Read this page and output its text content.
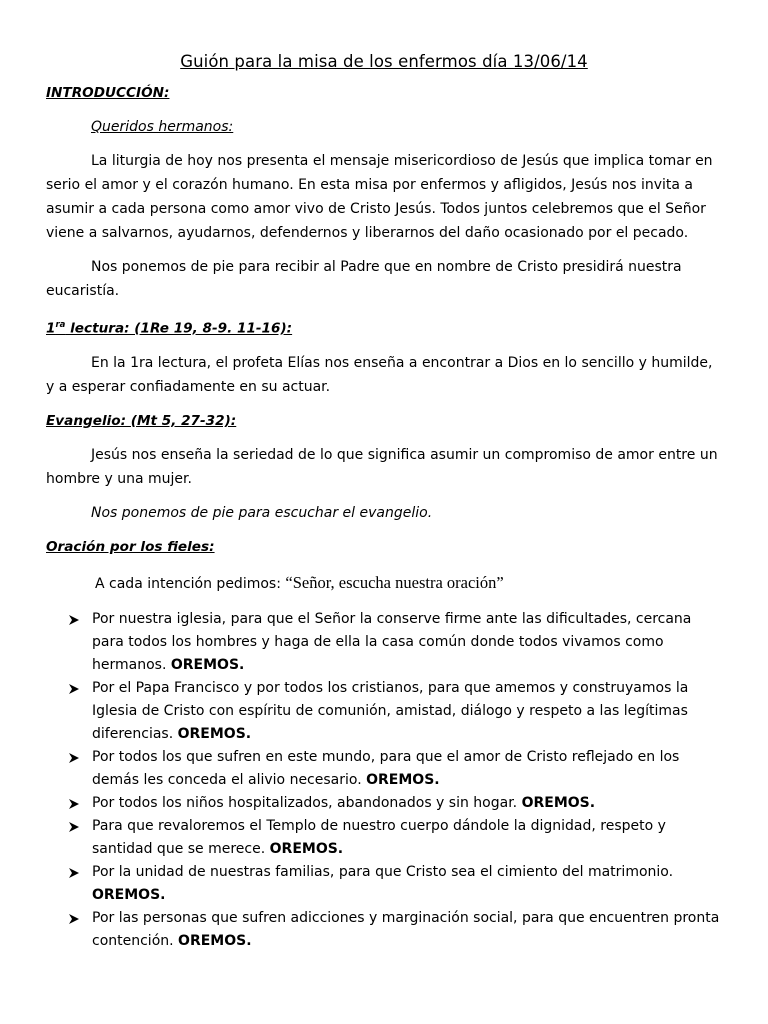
Guión para la misa de los enfermos día 13/06/14

INTRODUCCIÓN:

Queridos hermanos:

La liturgia de hoy nos presenta el mensaje misericordioso de Jesús que implica tomar en serio el amor y el corazón humano. En esta misa por enfermos y afligidos, Jesús nos invita a asumir a cada persona como amor vivo de Cristo Jesús. Todos juntos celebremos que el Señor viene a salvarnos, ayudarnos, defendernos y liberarnos del daño ocasionado por el pecado.

Nos ponemos de pie para recibir al Padre que en nombre de Cristo presidirá nuestra eucaristía.

$1^{ra}$ lectura: (1Re 19, 8-9. 11-16):

En la 1ra lectura, el profeta Elías nos enseña a encontrar a Dios en lo sencillo y humilde, y a esperar confiadamente en su actuar.

Evangelio: (Mt 5, 27-32):

Jesús nos enseña la seriedad de lo que significa asumir un compromiso de amor entre un hombre y una mujer.

Nos ponemos de pie para escuchar el evangelio.

Oración por los fieles:

A cada intención pedimos: “Señor, escucha nuestra oración”

Por nuestra iglesia, para que el Señor la conserve firme ante las dificultades, cercana para todos los hombres y haga de ella la casa común donde todos vivamos como hermanos. OREMOS.
Por el Papa Francisco y por todos los cristianos, para que amemos y construyamos la Iglesia de Cristo con espíritu de comunión, amistad, diálogo y respeto a las legítimas diferencias. OREMOS.
Por todos los que sufren en este mundo, para que el amor de Cristo reflejado en los demás les conceda el alivio necesario. OREMOS.
Por todos los niños hospitalizados, abandonados y sin hogar. OREMOS.
Para que revaloremos el Templo de nuestro cuerpo dándole la dignidad, respeto y santidad que se merece. OREMOS.
Por la unidad de nuestras familias, para que Cristo sea el cimiento del matrimonio. OREMOS.
Por las personas que sufren adicciones y marginación social, para que encuentren pronta contención. OREMOS.
